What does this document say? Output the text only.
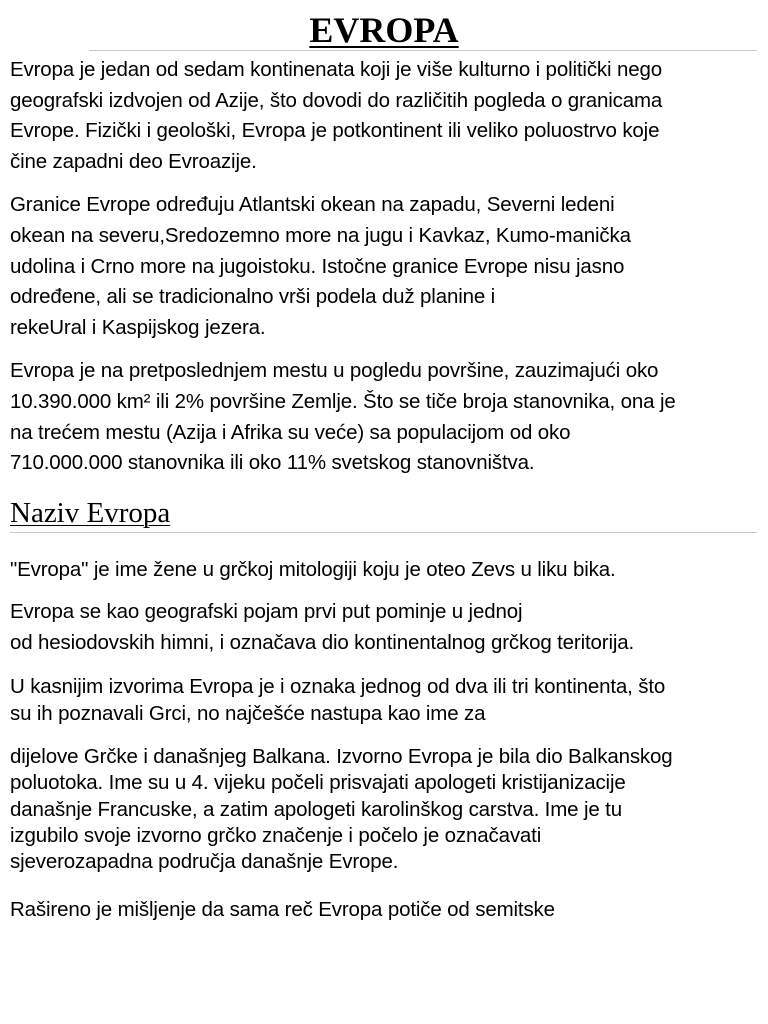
EVROPA

Evropa je jedan od sedam kontinenata koji je više kulturno i politički nego
geografski izdvojen od Azije, što dovodi do različitih pogleda o granicama
Evrope. Fizički i geološki, Evropa je potkontinent ili veliko poluostrvo koje
čine zapadni deo Evroazije.

Granice Evrope određuju Atlantski okean na zapadu, Severni ledeni
okean na severu,Sredozemno more na jugu i Kavkaz, Kumo-manička
udolina i Crno more na jugoistoku. Istočne granice Evrope nisu jasno
određene, ali se tradicionalno vrši podela duž planine i
rekeUral i Kaspijskog jezera.

Evropa je na pretposlednjem mestu u pogledu površine, zauzimajući oko
10.390.000 km² ili 2% površine Zemlje. Što se tiče broja stanovnika, ona je
na trećem mestu (Azija i Afrika su veće) sa populacijom od oko
710.000.000 stanovnika ili oko 11% svetskog stanovništva.

Naziv Evropa

"Evropa" je ime žene u grčkoj mitologiji koju je oteo Zevs u liku bika.

Evropa se kao geografski pojam prvi put pominje u jednoj
od hesiodovskih himni, i označava dio kontinentalnog grčkog teritorija.

U kasnijim izvorima Evropa je i oznaka jednog od dva ili tri kontinenta, što
su ih poznavali Grci, no najčešće nastupa kao ime za

dijelove Grčke i današnjeg Balkana. Izvorno Evropa je bila dio Balkanskog
poluotoka. Ime su u 4. vijeku počeli prisvajati apologeti kristijanizacije
današnje Francuske, a zatim apologeti karolinškog carstva. Ime je tu
izgubilo svoje izvorno grčko značenje i počelo je označavati
sjeverozapadna područja današnje Evrope.

Rašireno je mišljenje da sama reč Evropa potiče od semitske
